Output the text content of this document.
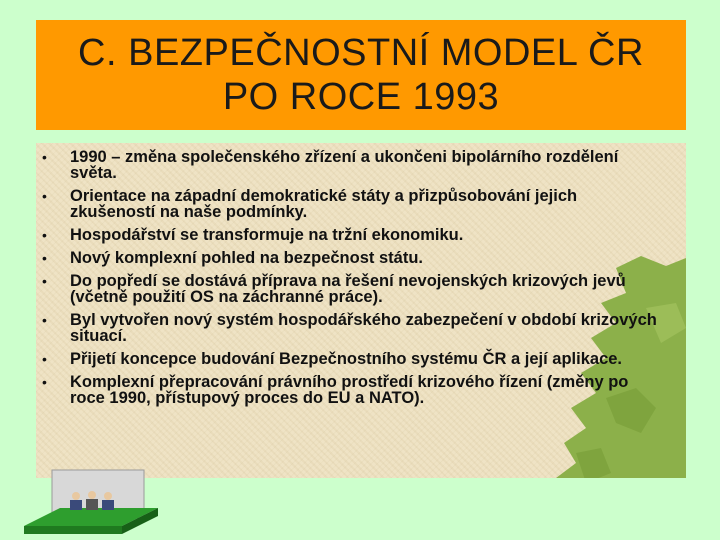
C. BEZPEČNOSTNÍ MODEL ČR
PO ROCE 1993
• 1990 – změna společenského zřízení a ukončeni bipolárního rozdělení světa.
• Orientace na západní demokratické státy a přizpůsobování jejich zkušeností na naše podmínky.
• Hospodářství se transformuje na tržní ekonomiku.
• Nový komplexní pohled na bezpečnost státu.
• Do popředí se dostává příprava na řešení nevojenských krizových jevů (včetně použití OS na záchranné práce).
• Byl vytvořen nový systém hospodářského zabezpečení v období krizových situací.
• Přijetí koncepce budování Bezpečnostního systému ČR a její aplikace.
• Komplexní přepracování právního prostředí krizového řízení (změny po roce 1990, přístupový proces do EU a NATO).
